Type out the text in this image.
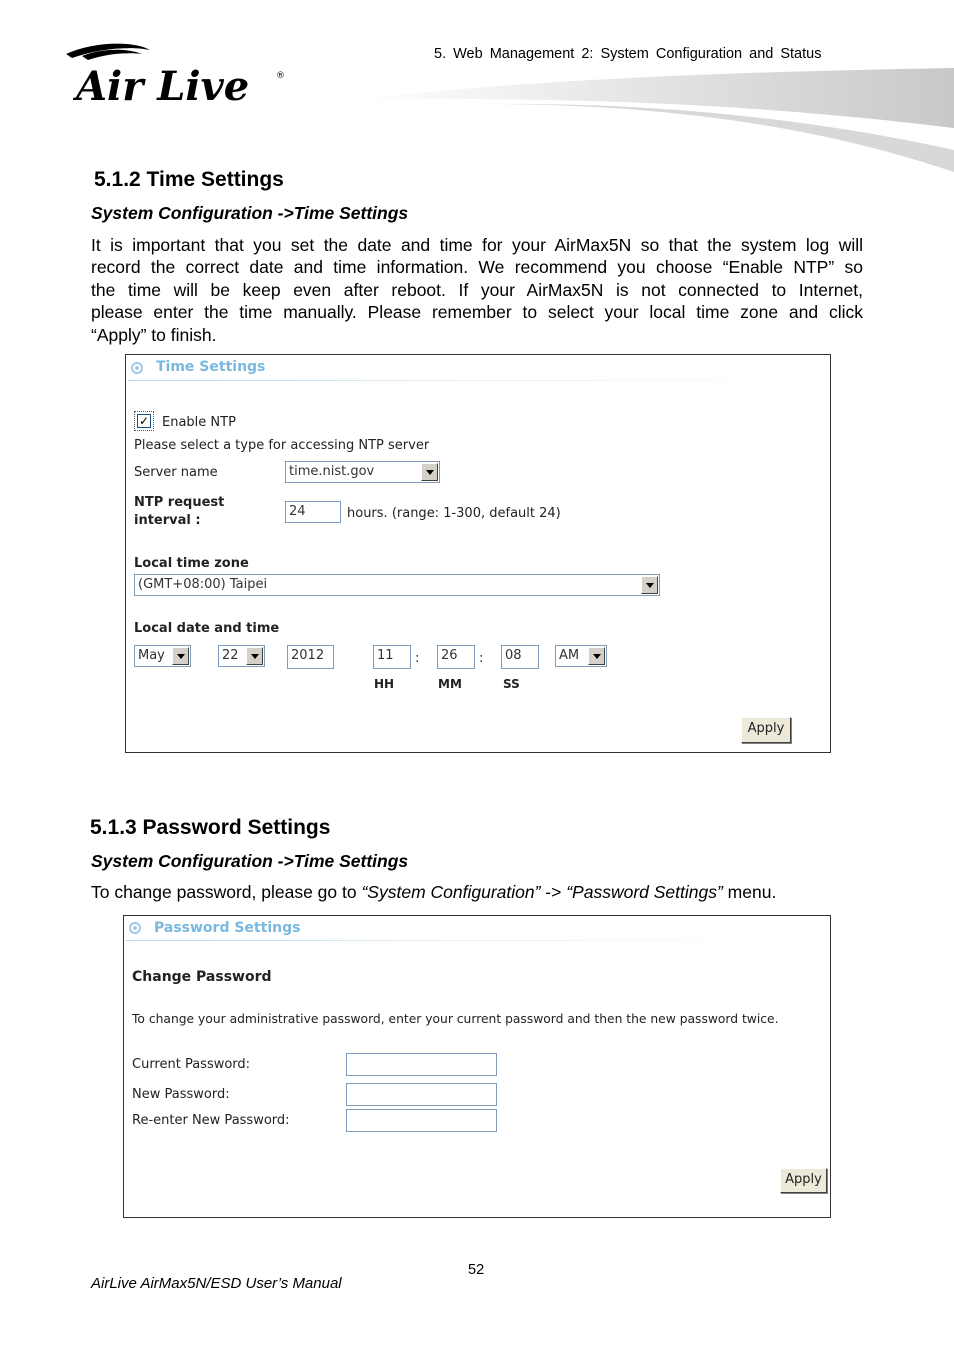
Air Live	®
5. Web Management 2: System Configuration and Status
5.1.2 Time Settings
System Configuration ->Time Settings
It is important that you set the date and time for your AirMax5N so that the system log will
record the correct date and time information. We recommend you choose “Enable NTP” so
the time will be keep even after reboot. If your AirMax5N is not connected to Internet,
please enter the time manually. Please remember to select your local time zone and click
“Apply” to finish.
Time Settings
✓ Enable NTP
Please select a type for accessing NTP server
Server name	time.nist.gov
NTP request
interval :
24	hours. (range: 1-300, default 24)
Local time zone
(GMT+08:00) Taipei
Local date and time
May	22	2012	11	:	26	:	08	AM
HH	MM	SS
Apply
5.1.3 Password Settings
System Configuration ->Time Settings
To change password, please go to “System Configuration” -> “Password Settings” menu.
Password Settings
Change Password
To change your administrative password, enter your current password and then the new password twice.
Current Password:
New Password:
Re-enter New Password:
Apply
52
AirLive AirMax5N/ESD User’s Manual
